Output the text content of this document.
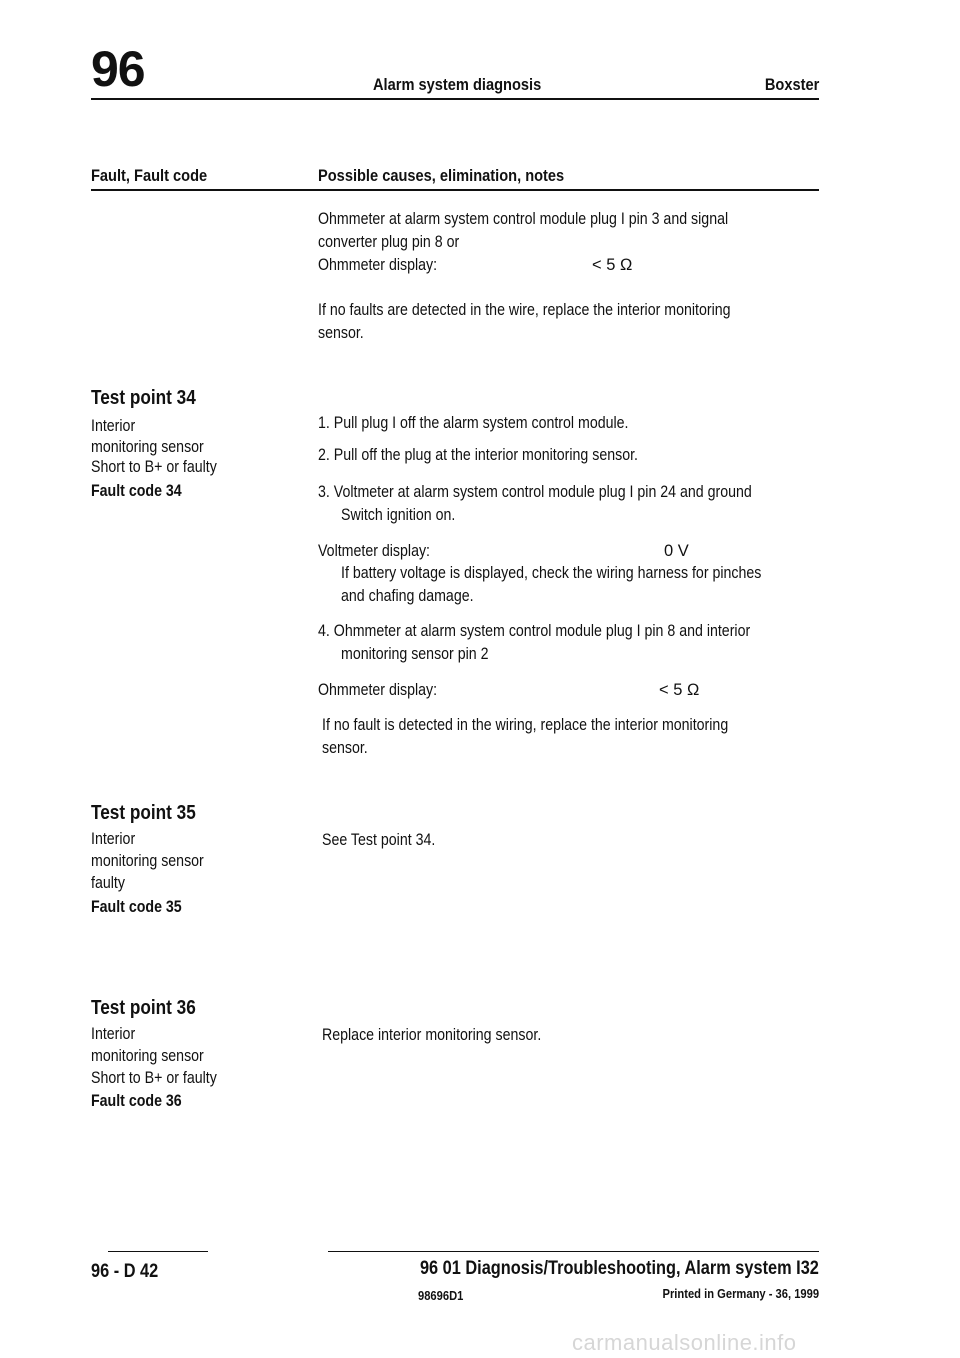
96	Alarm system diagnosis	Boxster
Fault, Fault code	Possible causes, elimination, notes
Ohmmeter at alarm system control module plug I pin 3 and signal
converter plug pin 8 or
Ohmmeter display:	< 5 Ω
If no faults are detected in the wire, replace the interior monitoring
sensor.
Test point 34
Interior
monitoring sensor
Short to B+ or faulty
Fault code 34
1. Pull plug I off the alarm system control module.
2. Pull off the plug at the interior monitoring sensor.
3. Voltmeter at alarm system control module plug I pin 24 and ground
Switch ignition on.
Voltmeter display:	0 V
If battery voltage is displayed, check the wiring harness for pinches
and chafing damage.
4. Ohmmeter at alarm system control module plug I pin 8 and interior
monitoring sensor pin 2
Ohmmeter display:	< 5 Ω
If no fault is detected in the wiring, replace the interior monitoring
sensor.
Test point 35
Interior
monitoring sensor
faulty
Fault code 35
See Test point 34.
Test point 36
Interior
monitoring sensor
Short to B+ or faulty
Fault code 36
Replace interior monitoring sensor.
96 - D 42	96 01 Diagnosis/Troubleshooting, Alarm system I32
98696D1	Printed in Germany - 36, 1999
carmanualsonline.info
